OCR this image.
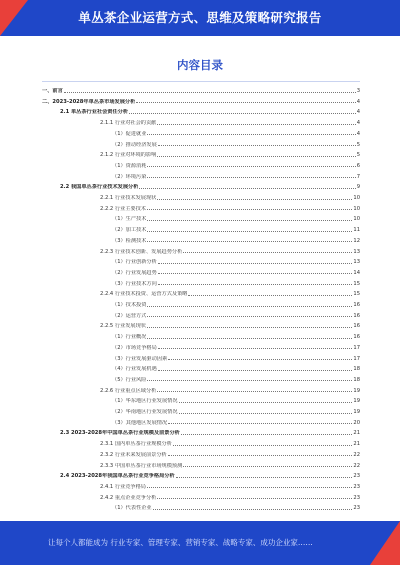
单丛茶企业运营方式、思维及策略研究报告
内容目录
一、前言	3
二、2023-2028年单丛茶市场发展分析	4
2.1 单丛茶行业社会责任分析	4
2.1.1 行业对社会的贡献	4
（1）促进就业	4
（2）推动经济发展	5
2.1.2 行业对环境的影响	5
（1）资源消耗	6
（2）环境污染	7
2.2 我国单丛茶行业技术发展分析	9
2.2.1 行业技术发展现状	10
2.2.2 行业主要技术	10
（1）生产技术	10
（2）加工技术	11
（3）检测技术	12
2.2.3 行业技术创新、发展趋势分析	13
（1）行业创新分析	13
（2）行业发展趋势	14
（3）行业技术方向	15
2.2.4 行业技术投资、运营方式及策略	15
（1）技术投资	16
（2）运营方式	16
2.2.5 行业发展现状	16
（1）行业概况	16
（2）市场竞争格局	17
（3）行业发展驱动因素	17
（4）行业发展机遇	18
（5）行业风险	18
2.2.6 行业重点区域分析	19
（1）华东地区行业发展情况	19
（2）华南地区行业发展情况	19
（3）其他地区发展情况	20
2.3 2023-2028年中国单丛茶行业规模及前景分析	21
2.3.1 国内单丛茶行业规模分析	21
2.3.2 行业未来发展前景分析	22
2.3.3 中国单丛茶行业市场规模预测	22
2.4 2023-2028年我国单丛茶行业竞争格局分析	23
2.4.1 行业竞争格局	23
2.4.2 重点企业竞争分析	23
（1）代表性企业	23
让每个人都能成为 行业专家、管理专家、营销专家、战略专家、成功企业家……
